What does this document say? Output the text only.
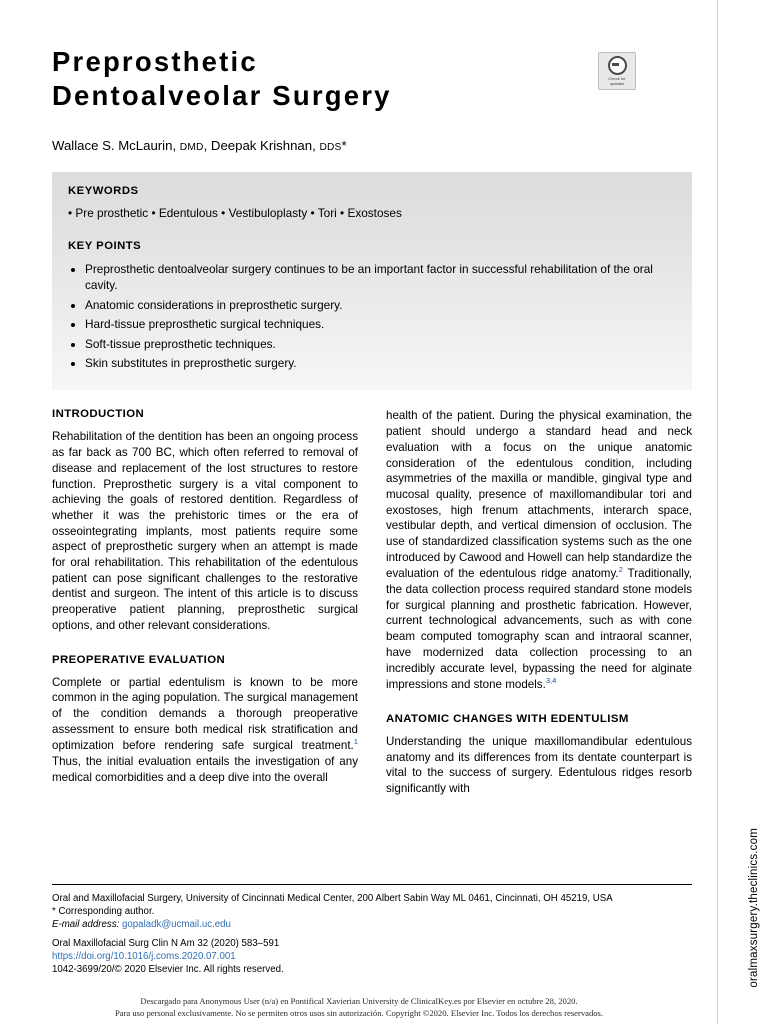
oralmaxsurgery.theclinics.com
Preprosthetic
Dentoalveolar Surgery
Wallace S. McLaurin, DMD, Deepak Krishnan, DDS*
KEYWORDS

• Pre prosthetic • Edentulous • Vestibuloplasty • Tori • Exostoses

KEY POINTS
• Preprosthetic dentoalveolar surgery continues to be an important factor in successful rehabilitation of the oral cavity.
• Anatomic considerations in preprosthetic surgery.
• Hard-tissue preprosthetic surgical techniques.
• Soft-tissue preprosthetic techniques.
• Skin substitutes in preprosthetic surgery.
INTRODUCTION

Rehabilitation of the dentition has been an ongoing process as far back as 700 BC, which often referred to removal of disease and replacement of the lost structures to restore function. Preprosthetic surgery is a vital component to achieving the goals of restored dentition. Regardless of whether it was the prehistoric times or the era of osseointegrating implants, most patients require some aspect of preprosthetic surgery when an attempt is made for oral rehabilitation. This rehabilitation of the edentulous patient can pose significant challenges to the restorative dentist and surgeon. The intent of this article is to discuss preoperative patient planning, preprosthetic surgical options, and other relevant considerations.

PREOPERATIVE EVALUATION

Complete or partial edentulism is known to be more common in the aging population. The surgical management of the condition demands a thorough preoperative assessment to ensure both medical risk stratification and optimization before rendering safe surgical treatment.$^1$ Thus, the initial evaluation entails the investigation of any medical comorbidities and a deep dive into the overall

health of the patient. During the physical examination, the patient should undergo a standard head and neck evaluation with a focus on the unique anatomic consideration of the edentulous condition, including asymmetries of the maxilla or mandible, gingival type and mucosal quality, presence of maxillomandibular tori and exostoses, high frenum attachments, interarch space, vestibular depth, and vertical dimension of occlusion. The use of standardized classification systems such as the one introduced by Cawood and Howell can help standardize the evaluation of the edentulous ridge anatomy.$^2$ Traditionally, the data collection process required standard stone models for surgical planning and prosthetic fabrication. However, current technological advancements, such as with cone beam computed tomography scan and intraoral scanner, have modernized data collection processing to an incredibly accurate level, bypassing the need for alginate impressions and stone models.$^{3,4}$

ANATOMIC CHANGES WITH EDENTULISM

Understanding the unique maxillomandibular edentulous anatomy and its differences from its dentate counterpart is vital to the success of surgery. Edentulous ridges resorb significantly with

Check for
updates

Oral and Maxillofacial Surgery, University of Cincinnati Medical Center, 200 Albert Sabin Way ML 0461, Cincinnati, OH 45219, USA

* Corresponding author.

E-mail address: gopaladk@ucmail.uc.edu

Oral Maxillofacial Surg Clin N Am 32 (2020) 583–591

https://doi.org/10.1016/j.coms.2020.07.001

1042-3699/20/© 2020 Elsevier Inc. All rights reserved.

Descargado para Anonymous User (n/a) en Pontifical Xavierian University de ClinicalKey.es por Elsevier en octubre 28, 2020.
Para uso personal exclusivamente. No se permiten otros usos sin autorización. Copyright ©2020. Elsevier Inc. Todos los derechos reservados.
